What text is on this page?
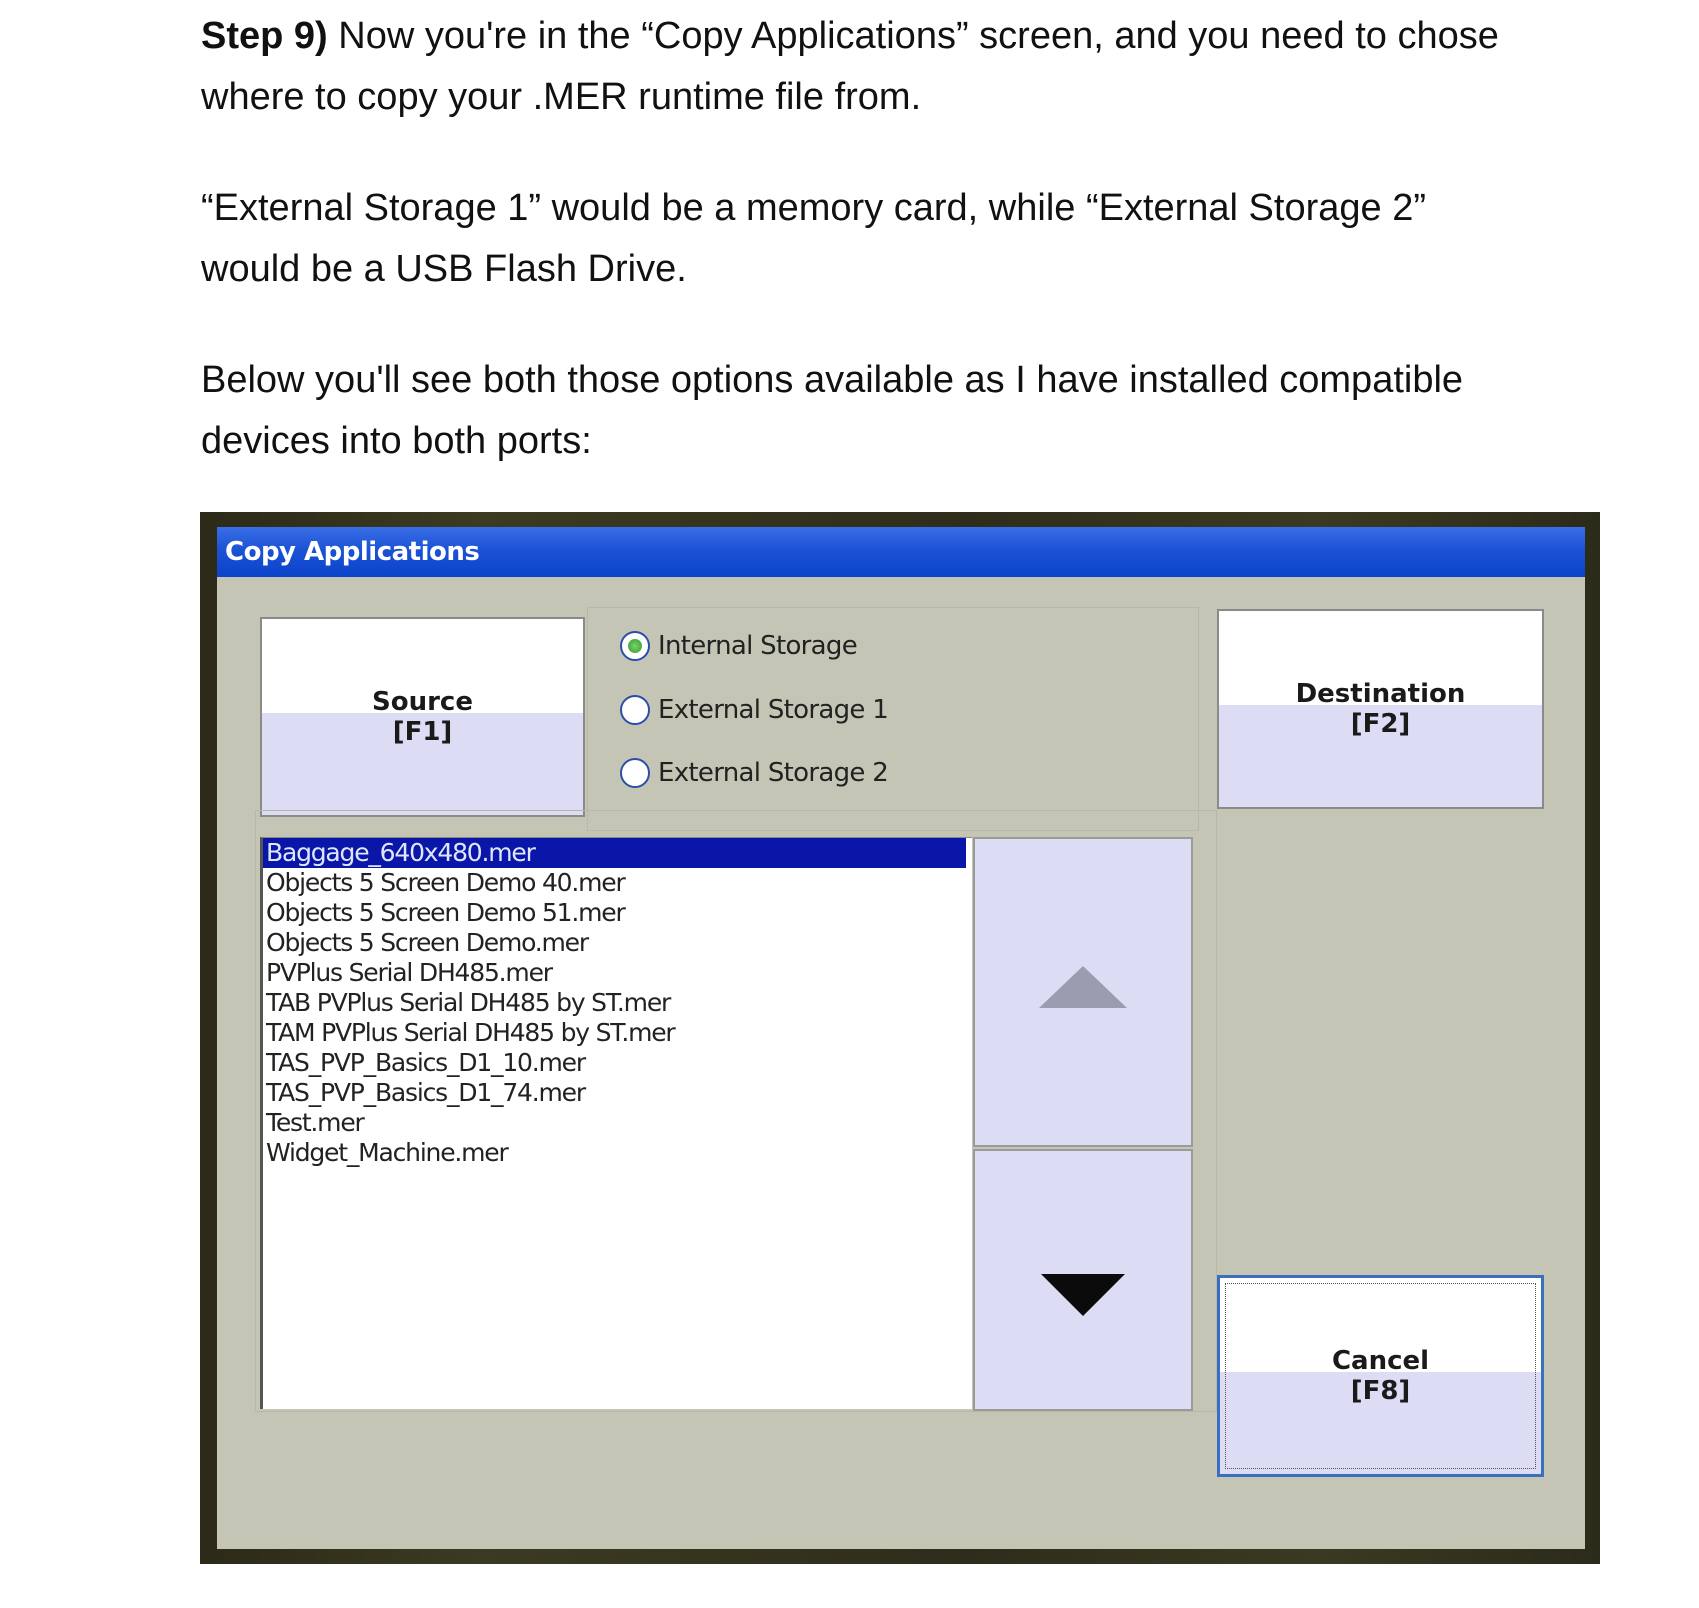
Step 9) Now you're in the “Copy Applications” screen, and you need to chose where to copy your .MER runtime file from.

“External Storage 1” would be a memory card, while “External Storage 2” would be a USB Flash Drive.

Below you'll see both those options available as I have installed compatible devices into both ports:

Copy Applications
Source
[F1]
Internal Storage
External Storage 1
External Storage 2
Destination
[F2]
Baggage_640x480.mer
Objects 5 Screen Demo 40.mer
Objects 5 Screen Demo 51.mer
Objects 5 Screen Demo.mer
PVPlus Serial DH485.mer
TAB PVPlus Serial DH485 by ST.mer
TAM PVPlus Serial DH485 by ST.mer
TAS_PVP_Basics_D1_10.mer
TAS_PVP_Basics_D1_74.mer
Test.mer
Widget_Machine.mer
Cancel
[F8]
